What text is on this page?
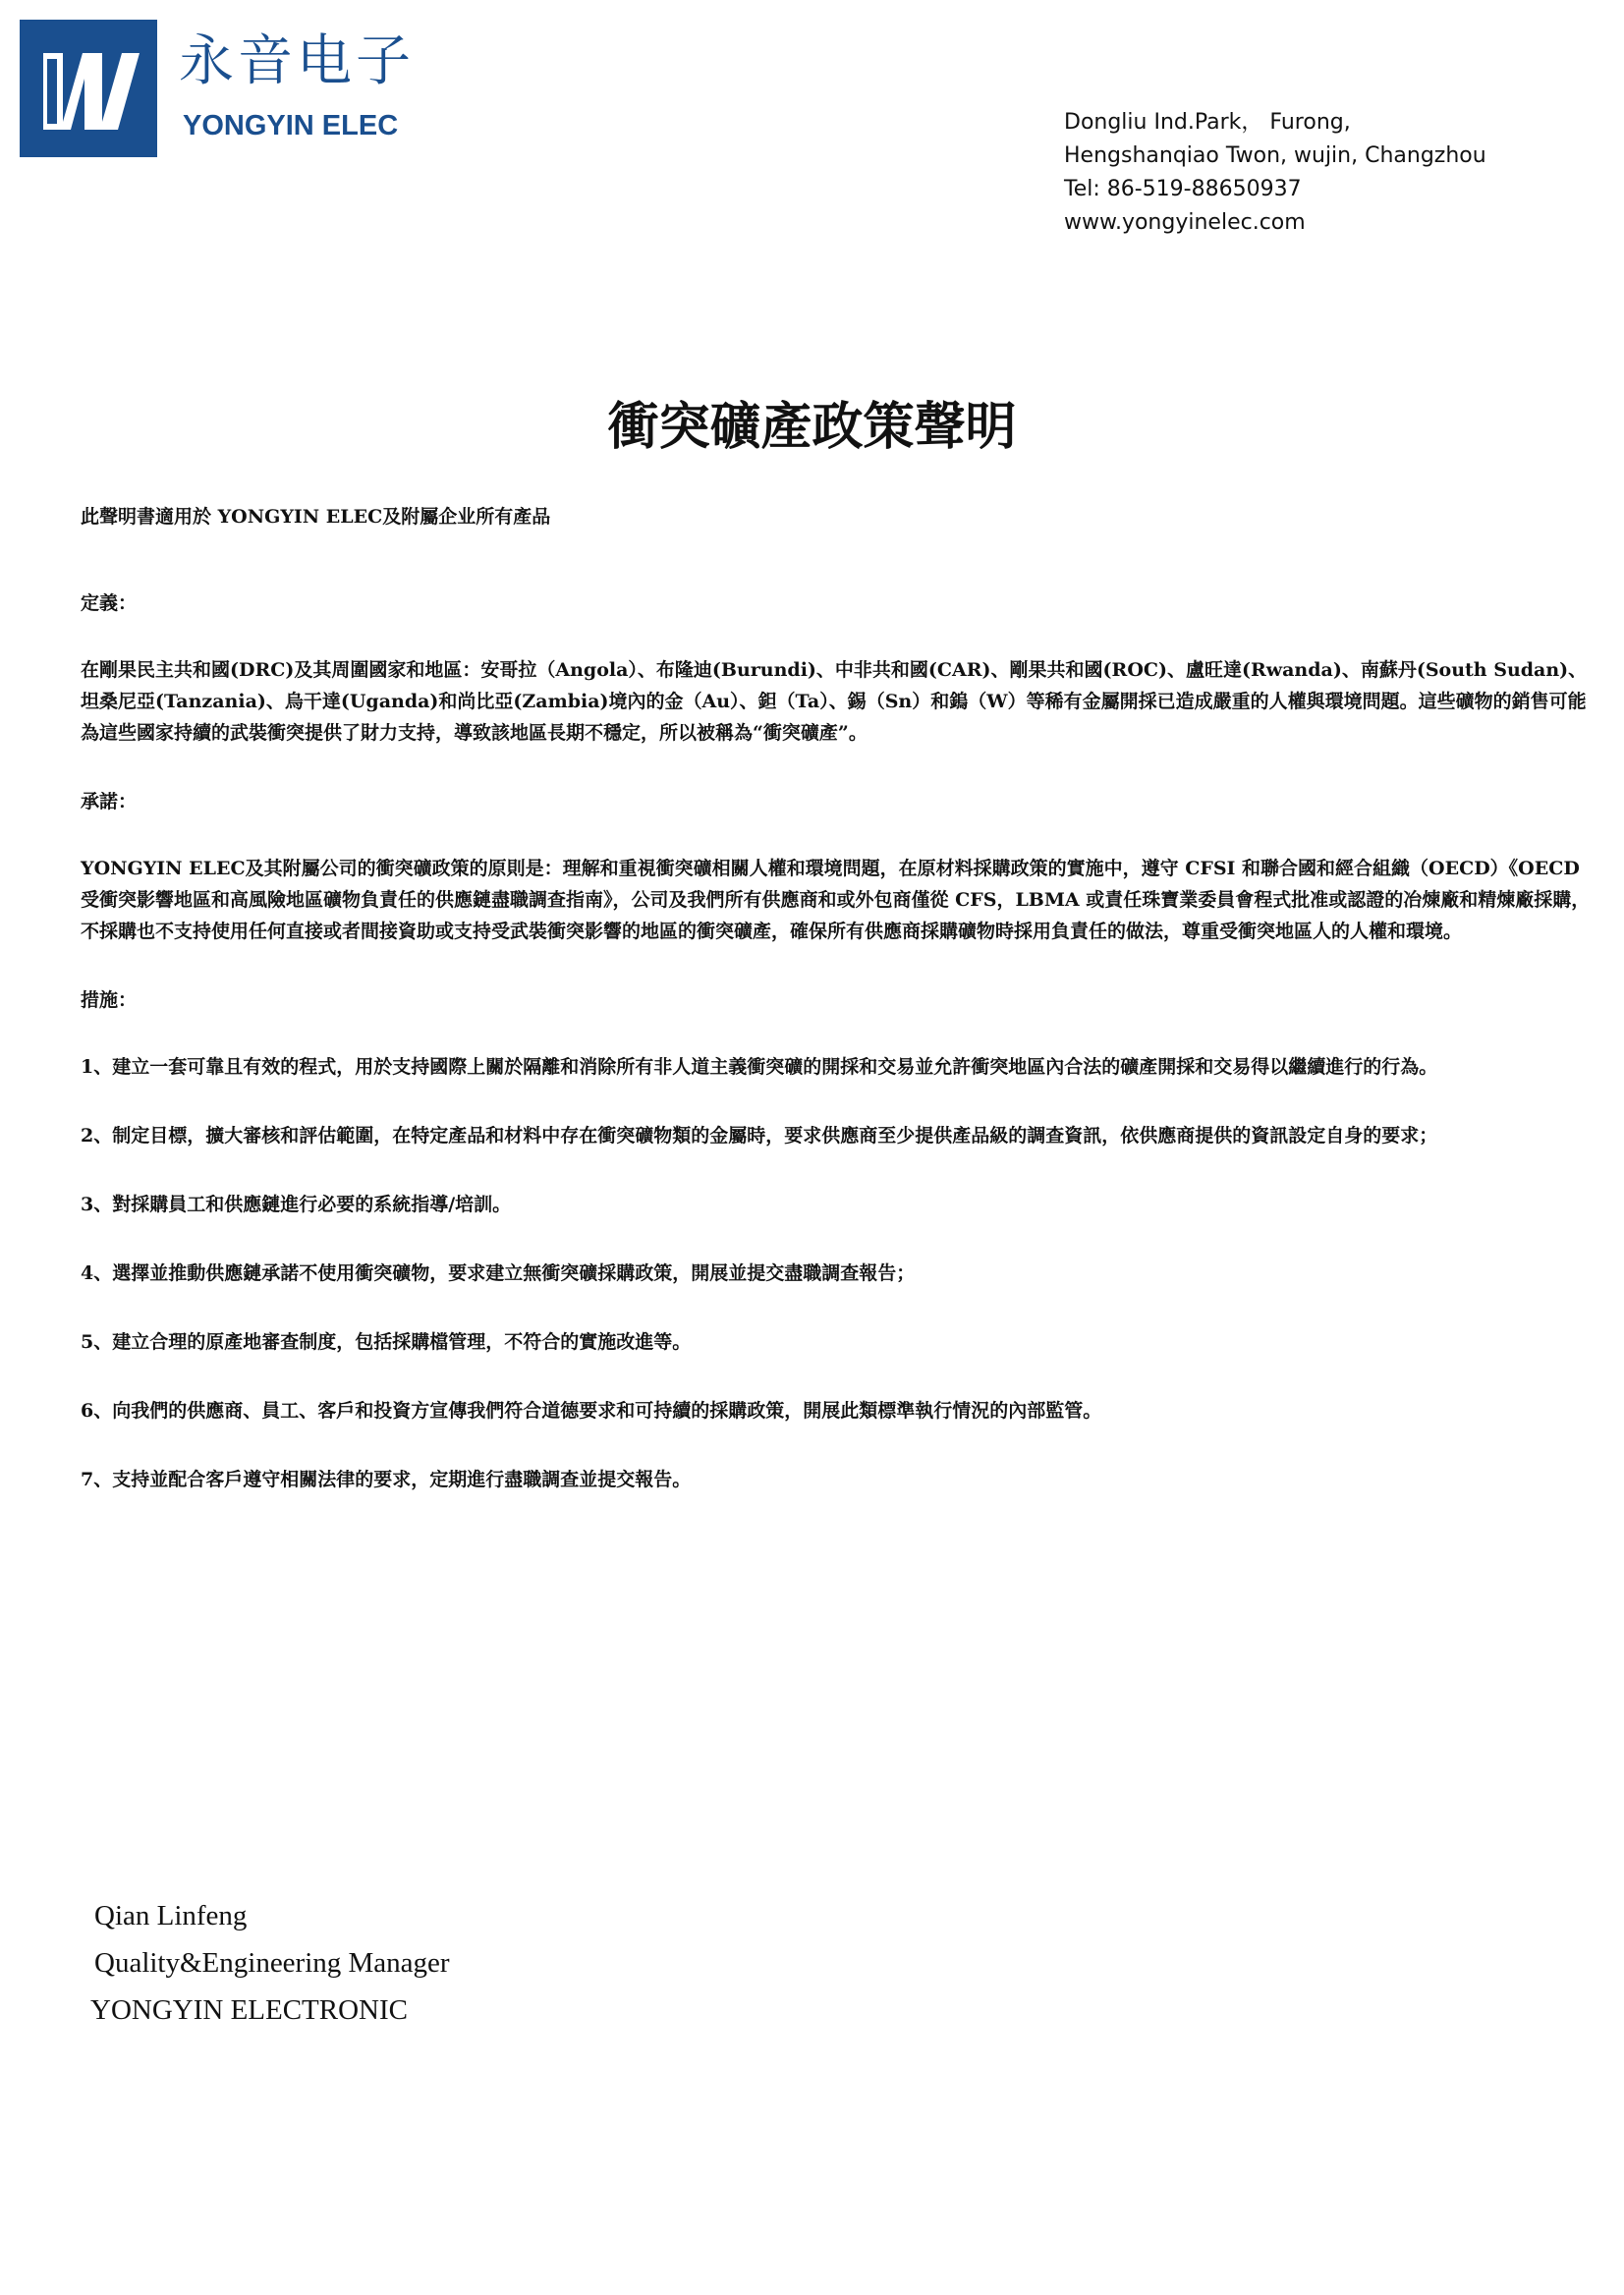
永音电子
YONGYIN ELEC	Dongliu Ind.Park， Furong,
Hengshanqiao Twon, wujin, Changzhou
Tel: 86-519-88650937
www.yongyinelec.com
衝突礦產政策聲明

此聲明書適用於 YONGYIN ELEC及附屬企业所有產品

定義：

在剛果民主共和國(DRC)及其周圍國家和地區：安哥拉（Angola）、布隆迪(Burundi)、中非共和國(CAR)、剛果共和國(ROC)、盧旺達(Rwanda)、南蘇丹(South Sudan)、坦桑尼亞(Tanzania)、烏干達(Uganda)和尚比亞(Zambia)境內的金（Au）、鉭（Ta）、錫（Sn）和鎢（W）等稀有金屬開採已造成嚴重的人權與環境問題。這些礦物的銷售可能為這些國家持續的武裝衝突提供了財力支持，導致該地區長期不穩定，所以被稱為“衝突礦產”。

承諾：

YONGYIN ELEC及其附屬公司的衝突礦政策的原則是：理解和重視衝突礦相關人權和環境問題，在原材料採購政策的實施中，遵守 CFSI 和聯合國和經合組織（OECD）《OECD 受衝突影響地區和高風險地區礦物負責任的供應鏈盡職調查指南》，公司及我們所有供應商和或外包商僅從 CFS，LBMA 或責任珠寶業委員會程式批准或認證的冶煉廠和精煉廠採購，不採購也不支持使用任何直接或者間接資助或支持受武裝衝突影響的地區的衝突礦產，確保所有供應商採購礦物時採用負責任的做法，尊重受衝突地區人的人權和環境。

措施：

1、建立一套可靠且有效的程式，用於支持國際上關於隔離和消除所有非人道主義衝突礦的開採和交易並允許衝突地區內合法的礦產開採和交易得以繼續進行的行為。

2、制定目標，擴大審核和評估範圍，在特定產品和材料中存在衝突礦物類的金屬時，要求供應商至少提供產品級的調查資訊，依供應商提供的資訊設定自身的要求；

3、對採購員工和供應鏈進行必要的系統指導/培訓。

4、選擇並推動供應鏈承諾不使用衝突礦物，要求建立無衝突礦採購政策，開展並提交盡職調查報告；

5、建立合理的原產地審查制度，包括採購檔管理，不符合的實施改進等。

6、向我們的供應商、員工、客戶和投資方宣傳我們符合道德要求和可持續的採購政策，開展此類標準執行情況的內部監管。

7、支持並配合客戶遵守相關法律的要求，定期進行盡職調查並提交報告。

Qian Linfeng
Quality&Engineering Manager
YONGYIN ELECTRONIC
